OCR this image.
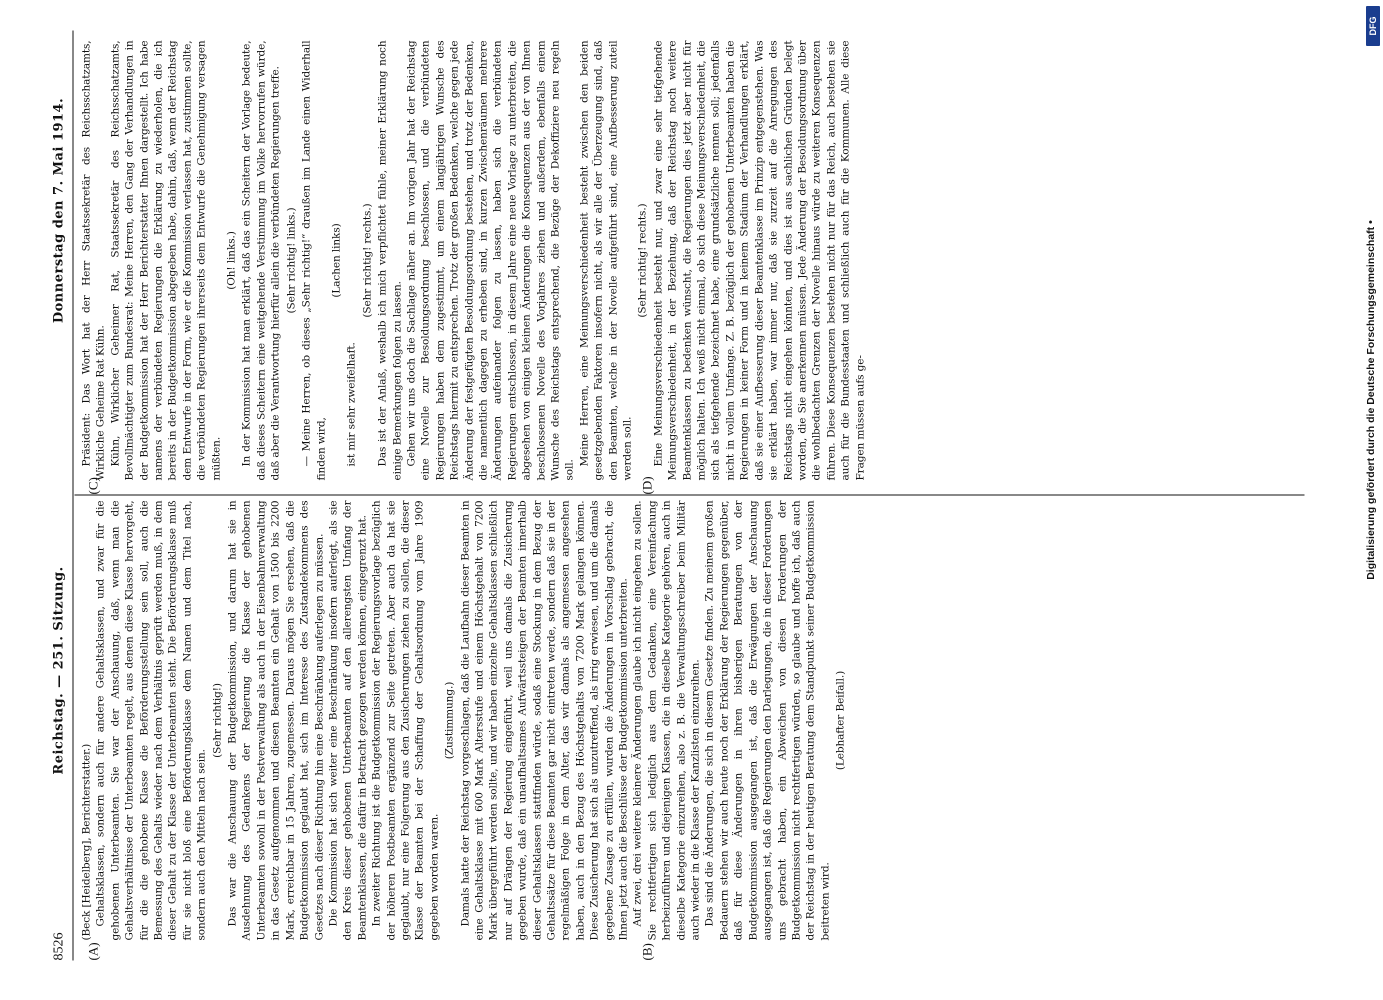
8526
Reichstag. — 251. Sitzung.
Donnerstag den 7. Mai 1914.
(A)	(B)
(C)	(D)

(Beck [Heidelberg], Berichterstatter.) Gehaltsklassen, sondern auch für andere Gehaltsklassen, und zwar für die gehobenen Unterbeamten. Sie war der Anschauung, daß, wenn man die Gehaltsverhältnisse der Unterbeamten regelt, aus denen diese Klasse hervorgeht, für die die gehobene Klasse die Beförderungsstellung sein soll, auch die Bemessung des Gehalts wieder nach dem Verhältnis geprüft werden muß, in dem dieser Gehalt zu der Klasse der Unterbeamten steht. Die Beförderungsklasse muß für sie nicht bloß eine Beförderungsklasse dem Namen und dem Titel nach, sondern auch den Mitteln nach sein.

(Sehr richtig!) Das war die Anschauung der Budgetkommission, und darum hat sie in Ausdehnung des Gedankens der Regierung die Klasse der gehobenen Unterbeamten sowohl in der Postverwaltung als auch in der Eisenbahnverwaltung in das Gesetz aufgenommen und diesen Beamten ein Gehalt von 1500 bis 2200 Mark, erreichbar in 15 Jahren, zugemessen. Daraus mögen Sie ersehen, daß die Budgetkommission geglaubt hat, sich im Interesse des Zustandekommens des Gesetzes nach dieser Richtung hin eine Beschränkung auferlegen zu müssen. Die Kommission hat sich weiter eine Beschränkung insofern auferlegt, als sie den Kreis dieser gehobenen Unterbeamten auf den allerengsten Umfang der Beamtenklassen, die dafür in Betracht gezogen werden können, eingegrenzt hat. In zweiter Richtung ist die Budgetkommission der Regierungsvorlage bezüglich der höheren Postbeamten ergänzend zur Seite getreten. Aber auch da hat sie geglaubt, nur eine Folgerung aus den Zusicherungen ziehen zu sollen, die dieser Klasse der Beamten bei der Schaffung der Gehaltsordnung vom Jahre 1909 gegeben worden waren.

(Zustimmung.) Damals hatte der Reichstag vorgeschlagen, daß die Laufbahn dieser Beamten in eine Gehaltsklasse mit 600 Mark Altersstufe und einem Höchstgehalt von 7200 Mark übergeführt werden sollte, und wir haben einzelne Gehaltsklassen schließlich nur auf Drängen der Regierung eingeführt, weil uns damals die Zusicherung gegeben wurde, daß ein unaufhaltsames Aufwärtssteigen der Beamten innerhalb dieser Gehaltsklassen stattfinden würde, sodaß eine Stockung in dem Bezug der Gehaltssätze für diese Beamten gar nicht eintreten werde, sondern daß sie in der regelmäßigen Folge in dem Alter, das wir damals als angemessen angesehen haben, auch in den Bezug des Höchstgehalts von 7200 Mark gelangen können. Diese Zusicherung hat sich als unzutreffend, als irrig erwiesen, und um die damals gegebene Zusage zu erfüllen, wurden die Änderungen in Vorschlag gebracht, die Ihnen jetzt auch die Beschlüsse der Budgetkommission unterbreiten. Auf zwei, drei weitere kleinere Änderungen glaube ich nicht eingehen zu sollen. Sie rechtfertigen sich lediglich aus dem Gedanken, eine Vereinfachung herbeizuführen und diejenigen Klassen, die in dieselbe Kategorie gehören, auch in dieselbe Kategorie einzureihen, also z. B. die Verwaltungsschreiber beim Militär auch wieder in die Klasse der Kanzlisten einzureihen. Das sind die Änderungen, die sich in diesem Gesetze finden. Zu meinem großen Bedauern stehen wir auch heute noch der Erklärung der Regierungen gegenüber, daß für diese Änderungen in ihren bisherigen Beratungen von der Budgetkommission ausgegangen ist, daß die Erwägungen der Anschauung ausgegangen ist, daß die Regierungen den Darlegungen, die in dieser Forderungen uns gebracht haben, ein Abweichen von diesen Forderungen der Budgetkommission nicht rechtfertigen würden, so glaube und hoffe ich, daß auch der Reichstag in der heutigen Beratung dem Standpunkt seiner Budgetkommission beitreten wird.

(Lebhafter Beifall.)

Präsident: Das Wort hat der Herr Staatssekretär des Reichsschatzamts, Wirkliche Geheime Rat Kühn. Kühn, Wirklicher Geheimer Rat, Staatssekretär des Reichsschatzamts, Bevollmächtigter zum Bundesrat: Meine Herren, den Gang der Verhandlungen in der Budgetkommission hat der Herr Berichterstatter Ihnen dargestellt. Ich habe namens der verbündeten Regierungen die Erklärung zu wiederholen, die ich bereits in der Budgetkommission abgegeben habe, dahin, daß, wenn der Reichstag dem Entwurfe in der Form, wie er die Kommission verlassen hat, zustimmen sollte, die verbündeten Regierungen ihrerseits dem Entwurfe die Genehmigung versagen müßten.

(Oh! links.) In der Kommission hat man erklärt, daß das ein Scheitern der Vorlage bedeute, daß dieses Scheitern eine weitgehende Verstimmung im Volke hervorrufen würde, daß aber die Verantwortung hierfür allein die verbündeten Regierungen treffe. (Sehr richtig! links.) — Meine Herren, ob dieses „Sehr richtig!“ draußen im Lande einen Widerhall finden wird,

(Lachen links)

ist mir sehr zweifelhaft.

(Sehr richtig! rechts.) Das ist der Anlaß, weshalb ich mich verpflichtet fühle, meiner Erklärung noch einige Bemerkungen folgen zu lassen. Gehen wir uns doch die Sachlage näher an. Im vorigen Jahr hat der Reichstag eine Novelle zur Besoldungsordnung beschlossen, und die verbündeten Regierungen haben dem zugestimmt, um einem langjährigen Wunsche des Reichstags hiermit zu entsprechen. Trotz der großen Bedenken, welche gegen jede Änderung der festgefügten Besoldungsordnung bestehen, und trotz der Bedenken, die namentlich dagegen zu erheben sind, in kurzen Zwischenräumen mehrere Änderungen aufeinander folgen zu lassen, haben sich die verbündeten Regierungen entschlossen, in diesem Jahre eine neue Vorlage zu unterbreiten, die abgesehen von einigen kleinen Änderungen die Konsequenzen aus der von Ihnen beschlossenen Novelle des Vorjahres ziehen und außerdem, ebenfalls einem Wunsche des Reichstags entsprechend, die Bezüge der Dekoffiziere neu regeln soll.

Meine Herren, eine Meinungsverschiedenheit besteht zwischen den beiden gesetzgebenden Faktoren insofern nicht, als wir alle der Überzeugung sind, daß den Beamten, welche in der Novelle aufgeführt sind, eine Aufbesserung zuteil werden soll.

(Sehr richtig! rechts.) Eine Meinungsverschiedenheit besteht nur, und zwar eine sehr tiefgehende Meinungsverschiedenheit, in der Beziehung, daß der Reichstag noch weitere Beamtenklassen zu bedenken wünscht, die Regierungen dies jetzt aber nicht für möglich halten. Ich weiß nicht einmal, ob sich diese Meinungsverschiedenheit, die sich als tiefgehende bezeichnet habe, eine grundsätzliche nennen soll; jedenfalls nicht in vollem Umfange. Z. B. bezüglich der gehobenen Unterbeamten haben die Regierungen in keiner Form und in keinem Stadium der Verhandlungen erklärt, daß sie einer Aufbesserung dieser Beamtenklasse im Prinzip entgegenstehen. Was sie erklärt haben, war immer nur, daß sie zurzeit auf die Anregungen des Reichstags nicht eingehen könnten, und dies ist aus sachlichen Gründen belegt worden, die Sie anerkennen müssen. Jede Änderung der Besoldungsordnung über die wohlbedachten Grenzen der Novelle hinaus würde zu weiteren Konsequenzen führen. Diese Konsequenzen bestehen nicht nur für das Reich, auch bestehen sie auch für die Bundesstaaten und schließlich auch für die Kommunen. Alle diese Fragen müssen aufs ge-

DFG
Digitalisierung gefördert durch die Deutsche Forschungsgemeinschaft •
